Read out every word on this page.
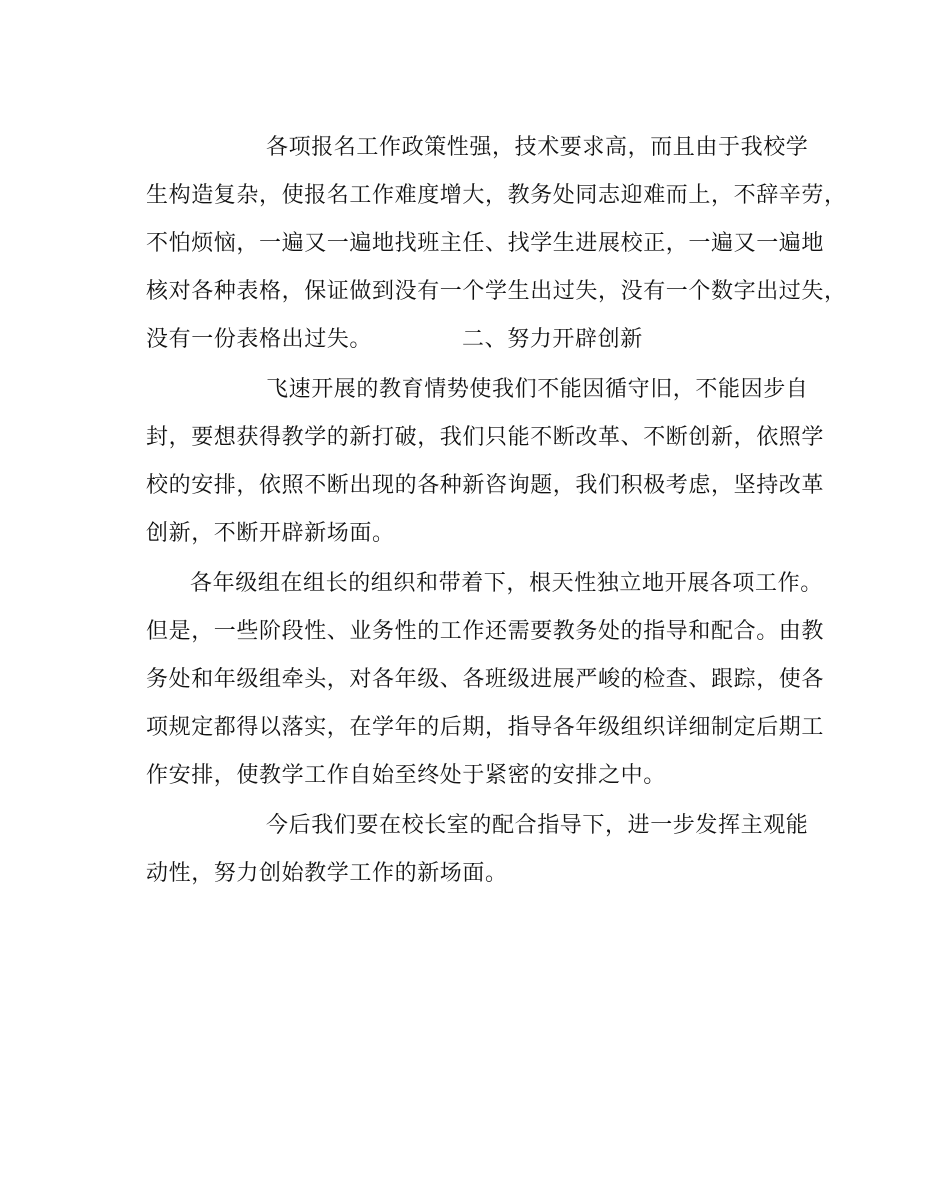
各项报名工作政策性强，技术要求高，而且由于我校学
生构造复杂，使报名工作难度增大，教务处同志迎难而上，不辞辛劳，
不怕烦恼，一遍又一遍地找班主任、找学生进展校正，一遍又一遍地
核对各种表格，保证做到没有一个学生出过失，没有一个数字出过失，
没有一份表格出过失。	二、努力开辟创新
飞速开展的教育情势使我们不能因循守旧，不能因步自
封，要想获得教学的新打破，我们只能不断改革、不断创新，依照学
校的安排，依照不断出现的各种新咨询题，我们积极考虑，坚持改革
创新，不断开辟新场面。
各年级组在组长的组织和带着下，根天性独立地开展各项工作。
但是，一些阶段性、业务性的工作还需要教务处的指导和配合。由教
务处和年级组牵头，对各年级、各班级进展严峻的检查、跟踪，使各
项规定都得以落实，在学年的后期，指导各年级组织详细制定后期工
作安排，使教学工作自始至终处于紧密的安排之中。
今后我们要在校长室的配合指导下，进一步发挥主观能
动性，努力创始教学工作的新场面。
